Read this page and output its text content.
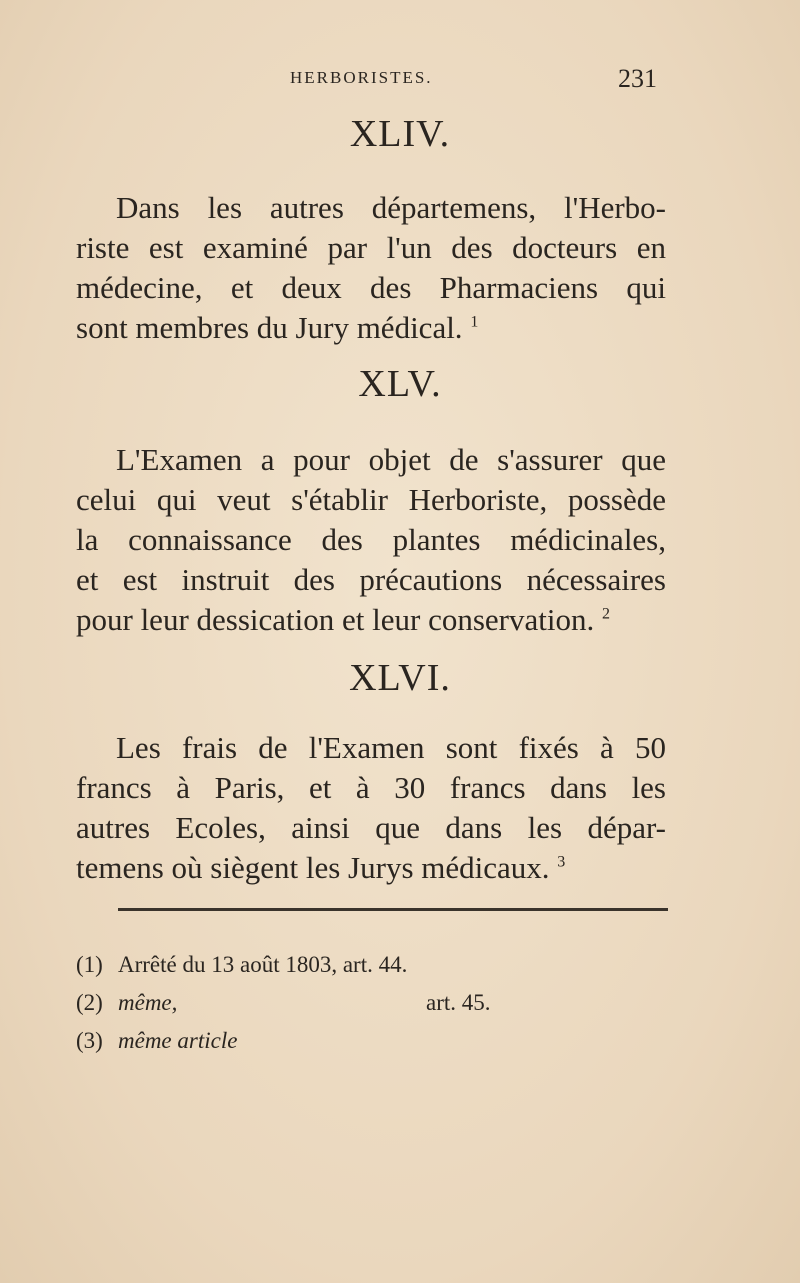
HERBORISTES.	231
XLIV.
Dans les autres départemens, l'Herbo-
riste est examiné par l'un des docteurs en
médecine, et deux des Pharmaciens qui
sont membres du Jury médical. $^1$
XLV.
L'Examen a pour objet de s'assurer que
celui qui veut s'établir Herboriste, possède
la connaissance des plantes médicinales,
et est instruit des précautions nécessaires
pour leur dessication et leur conservation. $^2$
XLVI.
Les frais de l'Examen sont fixés à 50
francs à Paris, et à 30 francs dans les
autres Ecoles, ainsi que dans les dépar-
temens où siègent les Jurys médicaux. $^3$
(1) Arrêté du 13 août 1803, art. 44.
(2) même,	art. 45.
(3) même article
